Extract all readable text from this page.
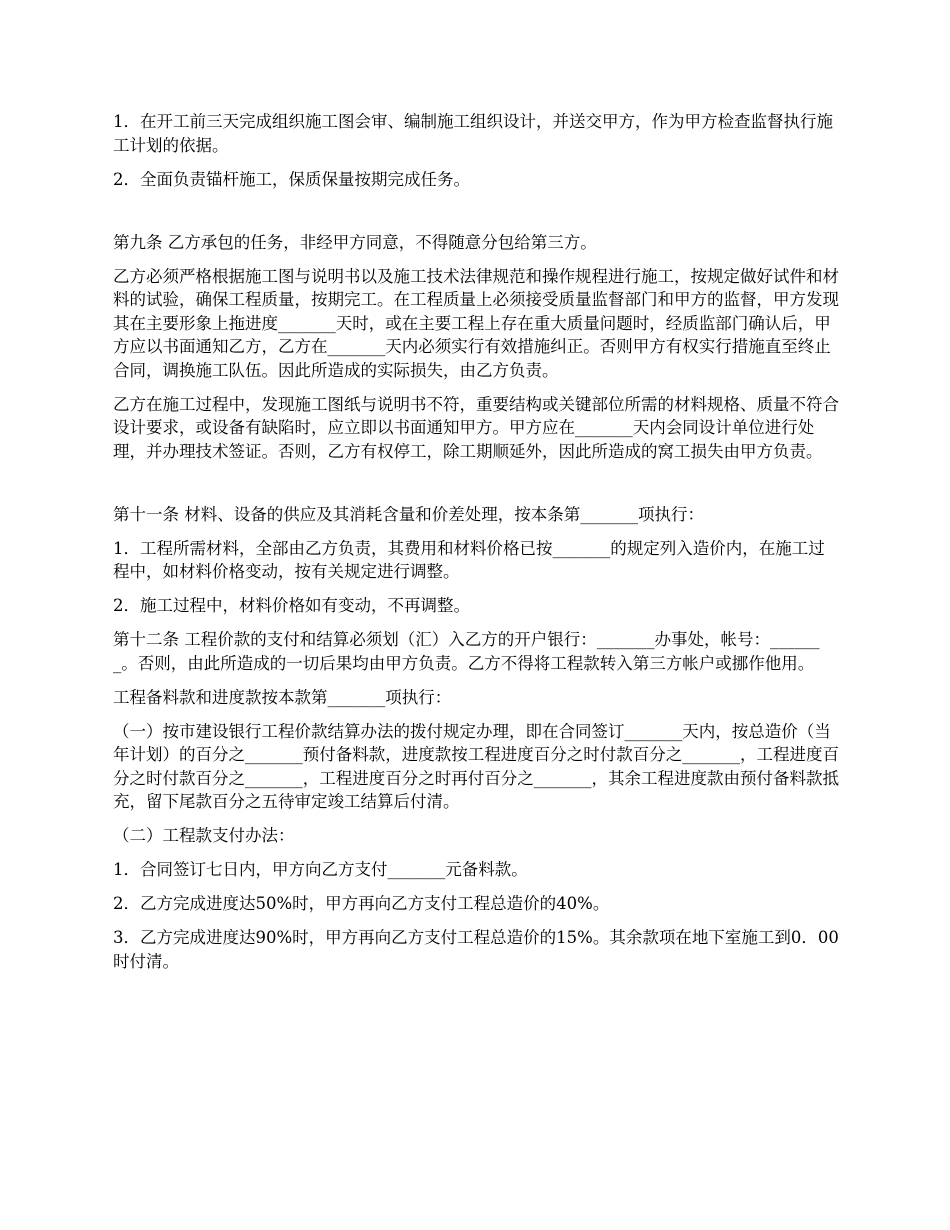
1．在开工前三天完成组织施工图会审、编制施工组织设计，并送交甲方，作为甲方检查监督执行施工计划的依据。

2．全面负责锚杆施工，保质保量按期完成任务。

第九条 乙方承包的任务，非经甲方同意，不得随意分包给第三方。

乙方必须严格根据施工图与说明书以及施工技术法律规范和操作规程进行施工，按规定做好试件和材料的试验，确保工程质量，按期完工。在工程质量上必须接受质量监督部门和甲方的监督，甲方发现其在主要形象上拖进度_______天时，或在主要工程上存在重大质量问题时，经质监部门确认后，甲方应以书面通知乙方，乙方在_______天内必须实行有效措施纠正。否则甲方有权实行措施直至终止合同，调换施工队伍。因此所造成的实际损失，由乙方负责。

乙方在施工过程中，发现施工图纸与说明书不符，重要结构或关键部位所需的材料规格、质量不符合设计要求，或设备有缺陷时，应立即以书面通知甲方。甲方应在_______天内会同设计单位进行处理，并办理技术签证。否则，乙方有权停工，除工期顺延外，因此所造成的窝工损失由甲方负责。

第十一条 材料、设备的供应及其消耗含量和价差处理，按本条第_______项执行：

1．工程所需材料，全部由乙方负责，其费用和材料价格已按_______的规定列入造价内，在施工过程中，如材料价格变动，按有关规定进行调整。

2．施工过程中，材料价格如有变动，不再调整。

第十二条 工程价款的支付和结算必须划（汇）入乙方的开户银行：_______办事处，帐号：_______。否则，由此所造成的一切后果均由甲方负责。乙方不得将工程款转入第三方帐户或挪作他用。

工程备料款和进度款按本款第_______项执行：

（一）按市建设银行工程价款结算办法的拨付规定办理，即在合同签订_______天内，按总造价（当年计划）的百分之_______预付备料款，进度款按工程进度百分之时付款百分之_______，工程进度百分之时付款百分之_______，工程进度百分之时再付百分之_______，其余工程进度款由预付备料款抵充，留下尾款百分之五待审定竣工结算后付清。

（二）工程款支付办法：

1．合同签订七日内，甲方向乙方支付_______元备料款。

2．乙方完成进度达50%时，甲方再向乙方支付工程总造价的40%。

3．乙方完成进度达90%时，甲方再向乙方支付工程总造价的15%。其余款项在地下室施工到0．00时付清。
